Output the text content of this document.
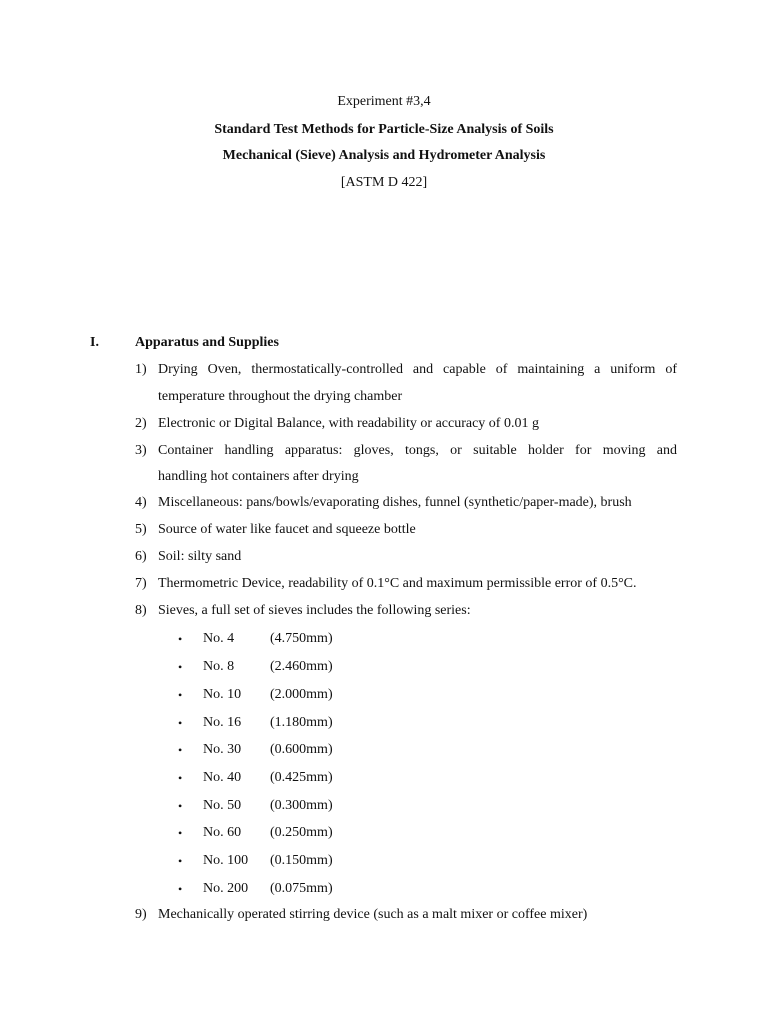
Experiment #3,4
Standard Test Methods for Particle-Size Analysis of Soils
Mechanical (Sieve) Analysis and Hydrometer Analysis
[ASTM D 422]
I.	Apparatus and Supplies
1) Drying Oven, thermostatically-controlled and capable of maintaining a uniform of
temperature throughout the drying chamber
2) Electronic or Digital Balance, with readability or accuracy of 0.01 g
3) Container handling apparatus: gloves, tongs, or suitable holder for moving and
handling hot containers after drying
4) Miscellaneous: pans/bowls/evaporating dishes, funnel (synthetic/paper-made), brush
5) Source of water like faucet and squeeze bottle
6) Soil: silty sand
7) Thermometric Device, readability of 0.1°C and maximum permissible error of 0.5°C.
8) Sieves, a full set of sieves includes the following series:
• No. 4	(4.750mm)
• No. 8	(2.460mm)
• No. 10 (2.000mm)
• No. 16 (1.180mm)
• No. 30 (0.600mm)
• No. 40 (0.425mm)
• No. 50 (0.300mm)
• No. 60 (0.250mm)
• No. 100 (0.150mm)
• No. 200 (0.075mm)
9) Mechanically operated stirring device (such as a malt mixer or coffee mixer)
